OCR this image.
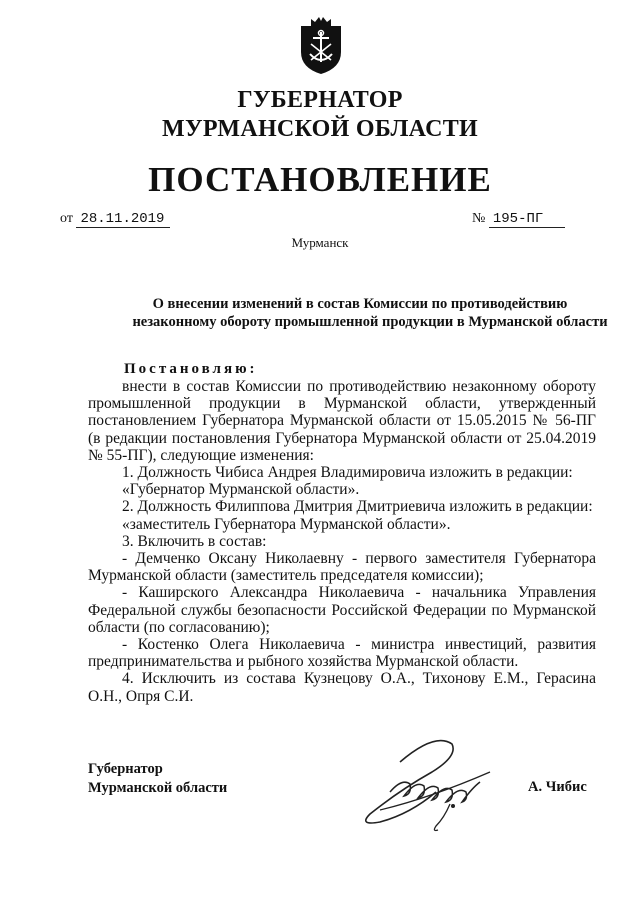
ГУБЕРНАТОР
МУРМАНСКОЙ ОБЛАСТИ
ПОСТАНОВЛЕНИЕ
от 28.11.2019	№ 195-ПГ
Мурманск
О внесении изменений в состав Комиссии по противодействию
незаконному обороту промышленной продукции в Мурманской области
Постановляю:

внести в состав Комиссии по противодействию незаконному обороту промышленной продукции в Мурманской области, утвержденный постановлением Губернатора Мурманской области от 15.05.2015 № 56-ПГ (в редакции постановления Губернатора Мурманской области от 25.04.2019 № 55-ПГ), следующие изменения:

1. Должность Чибиса Андрея Владимировича изложить в редакции:

«Губернатор Мурманской области».

2. Должность Филиппова Дмитрия Дмитриевича изложить в редакции:

«заместитель Губернатора Мурманской области».

3. Включить в состав:

- Демченко Оксану Николаевну - первого заместителя Губернатора Мурманской области (заместитель председателя комиссии);

- Каширского Александра Николаевича - начальника Управления Федеральной службы безопасности Российской Федерации по Мурманской области (по согласованию);

- Костенко Олега Николаевича - министра инвестиций, развития предпринимательства и рыбного хозяйства Мурманской области.

4. Исключить из состава Кузнецову О.А., Тихонову Е.М., Герасина О.Н., Опря С.И.

Губернатор
Мурманской области	А. Чибис
